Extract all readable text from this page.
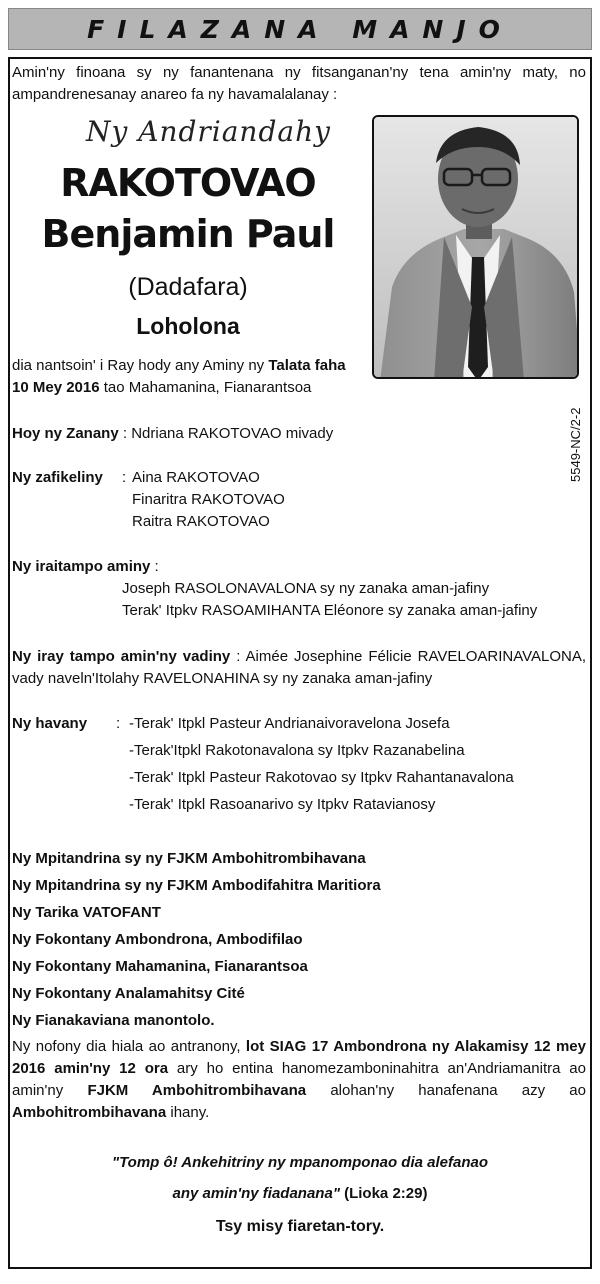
FILAZANA MANJO
Amin'ny finoana sy ny fanantenana ny fitsanganan'ny tena amin'ny maty, no ampandrenesanay anareo fa ny havamalalanay :
Ny Andriandahy
RAKOTOVAO
Benjamin Paul
(Dadafara)
Loholona
dia nantsoin' i Ray hody any Aminy ny Talata faha
10 Mey 2016 tao Mahamanina, Fianarantsoa
5549-NC/2-2
Hoy ny Zanany : Ndriana RAKOTOVAO mivady
Ny zafikeliny : Aina RAKOTOVAO
Finaritra RAKOTOVAO
Raitra RAKOTOVAO
Ny iraitampo aminy :
Joseph RASOLONAVALONA sy ny zanaka aman-jafiny
Terak' Itpkv RASOAMIHANTA Eléonore sy zanaka aman-jafiny
Ny iray tampo amin'ny vadiny : Aimée Josephine Félicie RAVELOARINAVALONA, vady naveln'Itolahy RAVELONAHINA sy ny zanaka aman-jafiny
Ny havany : -Terak' Itpkl Pasteur Andrianaivoravelona Josefa
-Terak'Itpkl Rakotonavalona sy Itpkv Razanabelina
-Terak' Itpkl Pasteur Rakotovao sy Itpkv Rahantanavalona
-Terak' Itpkl Rasoanarivo sy Itpkv Ratavianosy
Ny Mpitandrina sy ny FJKM Ambohitrombihavana
Ny Mpitandrina sy ny FJKM Ambodifahitra Maritiora
Ny Tarika VATOFANT
Ny Fokontany Ambondrona, Ambodifilao
Ny Fokontany Mahamanina, Fianarantsoa
Ny Fokontany Analamahitsy Cité
Ny Fianakaviana manontolo.
Ny nofony dia hiala ao antranony, lot SIAG 17 Ambondrona ny Alakamisy 12 mey 2016 amin'ny 12 ora ary ho entina hanomezamboninahitra an'Andriamanitra ao amin'ny FJKM Ambohitrombihavana alohan'ny hanafenana azy ao Ambohitrombihavana ihany.
"Tomp ô! Ankehitriny ny mpanomponao dia alefanao
any amin'ny fiadanana" (Lioka 2:29)
Tsy misy fiaretan-tory.
